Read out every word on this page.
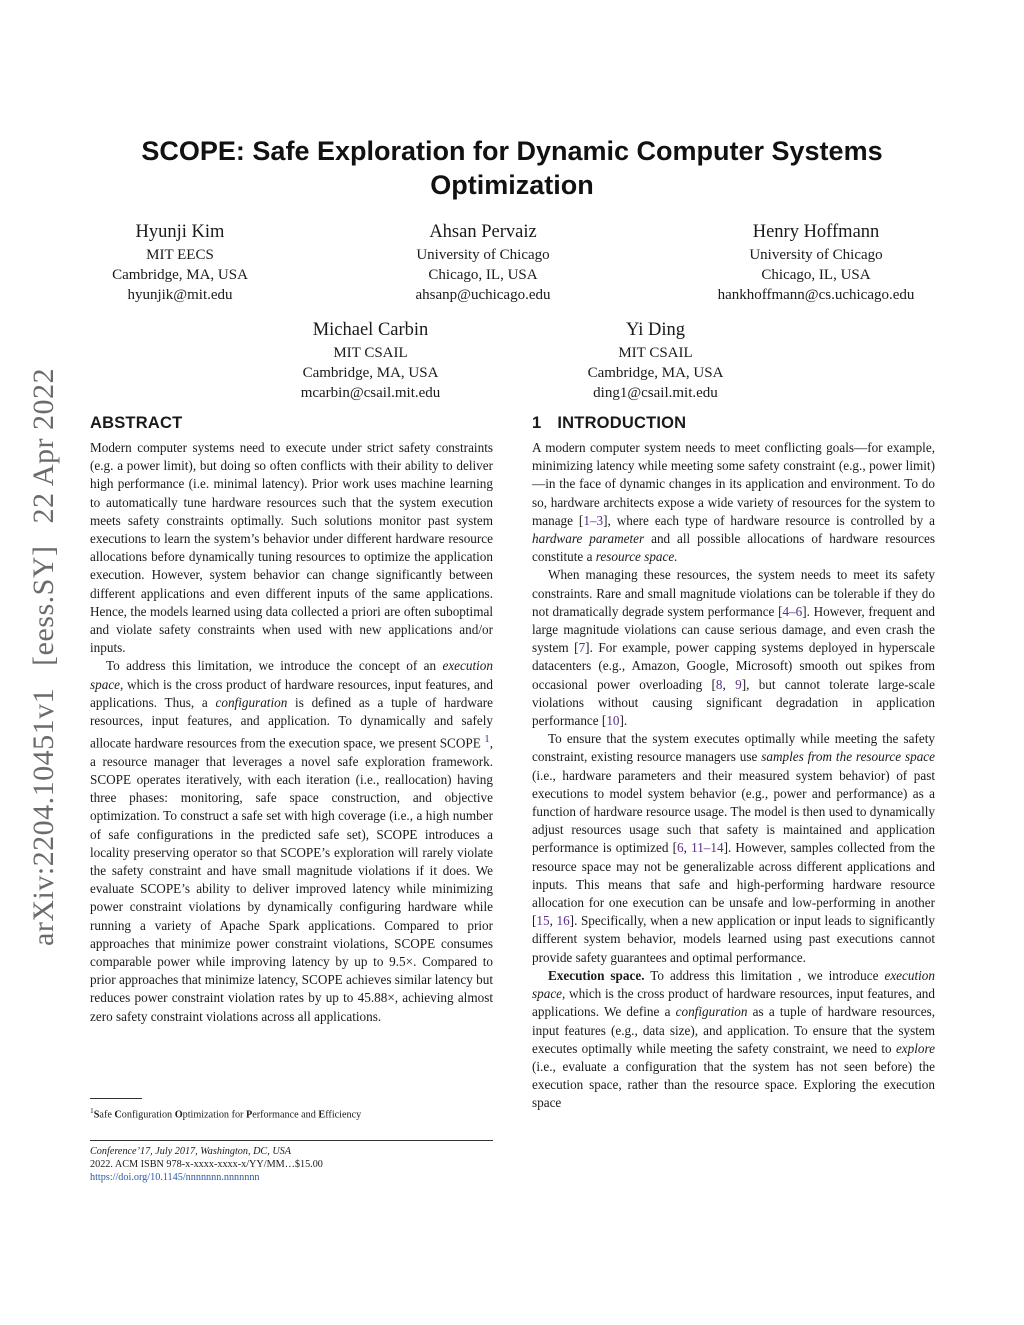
arXiv:2204.10451v1 [eess.SY] 22 Apr 2022
SCOPE: Safe Exploration for Dynamic Computer Systems
Optimization
Hyunji Kim
MIT EECS
Cambridge, MA, USA
hyunjik@mit.edu
Ahsan Pervaiz
University of Chicago
Chicago, IL, USA
ahsanp@uchicago.edu
Henry Hoffmann
University of Chicago
Chicago, IL, USA
hankhoffmann@cs.uchicago.edu
Michael Carbin
MIT CSAIL
Cambridge, MA, USA
mcarbin@csail.mit.edu
Yi Ding
MIT CSAIL
Cambridge, MA, USA
ding1@csail.mit.edu
ABSTRACT

Modern computer systems need to execute under strict safety constraints (e.g. a power limit), but doing so often conflicts with their ability to deliver high performance (i.e. minimal latency). Prior work uses machine learning to automatically tune hardware resources such that the system execution meets safety constraints optimally. Such solutions monitor past system executions to learn the system’s behavior under different hardware resource allocations before dynamically tuning resources to optimize the application execution. However, system behavior can change significantly between different applications and even different inputs of the same applications. Hence, the models learned using data collected a priori are often suboptimal and violate safety constraints when used with new applications and/or inputs.

To address this limitation, we introduce the concept of an execution space, which is the cross product of hardware resources, input features, and applications. Thus, a configuration is defined as a tuple of hardware resources, input features, and application. To dynamically and safely allocate hardware resources from the execution space, we present SCOPE $^1$, a resource manager that leverages a novel safe exploration framework. SCOPE operates iteratively, with each iteration (i.e., reallocation) having three phases: monitoring, safe space construction, and objective optimization. To construct a safe set with high coverage (i.e., a high number of safe configurations in the predicted safe set), SCOPE introduces a locality preserving operator so that SCOPE’s exploration will rarely violate the safety constraint and have small magnitude violations if it does. We evaluate SCOPE’s ability to deliver improved latency while minimizing power constraint violations by dynamically configuring hardware while running a variety of Apache Spark applications. Compared to prior approaches that minimize power constraint violations, SCOPE consumes comparable power while improving latency by up to 9.5×. Compared to prior approaches that minimize latency, SCOPE achieves similar latency but reduces power constraint violation rates by up to 45.88×, achieving almost zero safety constraint violations across all applications.

$^1$Safe Configuration Optimization for Performance and Efficiency
Conference’17, July 2017, Washington, DC, USA
2022. ACM ISBN 978-x-xxxx-xxxx-x/YY/MM…$15.00
https://doi.org/10.1145/nnnnnnn.nnnnnnn
1 INTRODUCTION

A modern computer system needs to meet conflicting goals—for example, minimizing latency while meeting some safety constraint (e.g., power limit)—in the face of dynamic changes in its application and environment. To do so, hardware architects expose a wide variety of resources for the system to manage [1–3], where each type of hardware resource is controlled by a hardware parameter and all possible allocations of hardware resources constitute a resource space.

When managing these resources, the system needs to meet its safety constraints. Rare and small magnitude violations can be tolerable if they do not dramatically degrade system performance [4–6]. However, frequent and large magnitude violations can cause serious damage, and even crash the system [7]. For example, power capping systems deployed in hyperscale datacenters (e.g., Amazon, Google, Microsoft) smooth out spikes from occasional power overloading [8, 9], but cannot tolerate large-scale violations without causing significant degradation in application performance [10].

To ensure that the system executes optimally while meeting the safety constraint, existing resource managers use samples from the resource space (i.e., hardware parameters and their measured system behavior) of past executions to model system behavior (e.g., power and performance) as a function of hardware resource usage. The model is then used to dynamically adjust resources usage such that safety is maintained and application performance is optimized [6, 11–14]. However, samples collected from the resource space may not be generalizable across different applications and inputs. This means that safe and high-performing hardware resource allocation for one execution can be unsafe and low-performing in another [15, 16]. Specifically, when a new application or input leads to significantly different system behavior, models learned using past executions cannot provide safety guarantees and optimal performance.

Execution space. To address this limitation , we introduce execution space, which is the cross product of hardware resources, input features, and applications. We define a configuration as a tuple of hardware resources, input features (e.g., data size), and application. To ensure that the system executes optimally while meeting the safety constraint, we need to explore (i.e., evaluate a configuration that the system has not seen before) the execution space, rather than the resource space. Exploring the execution space
